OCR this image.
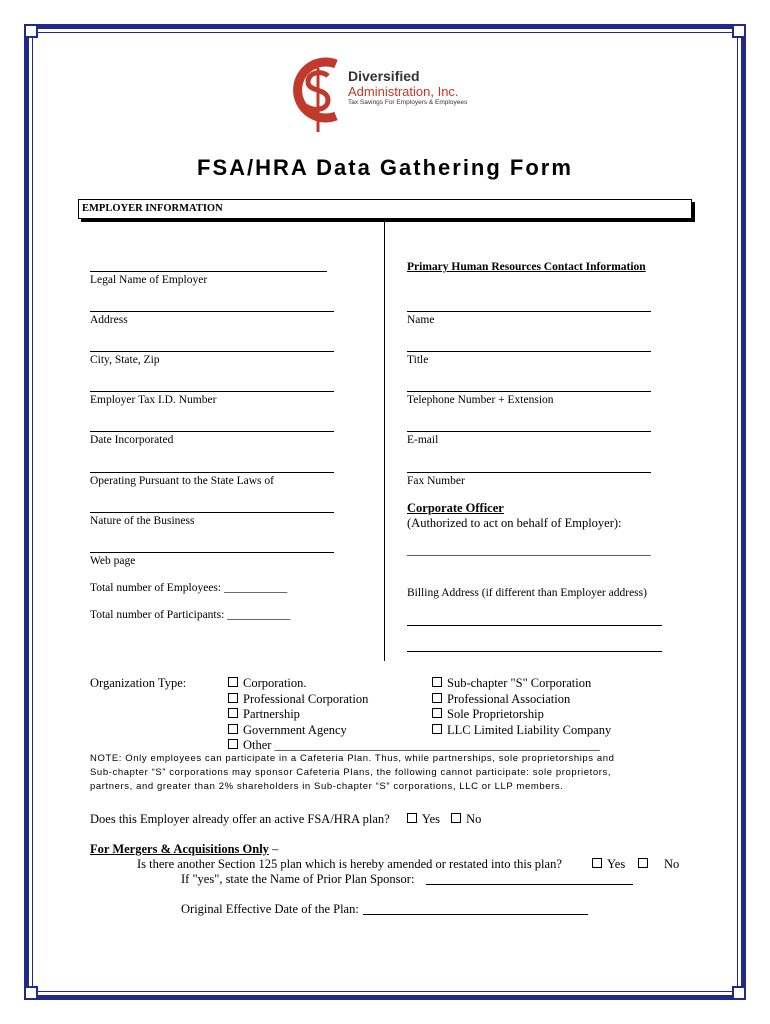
Diversified
Administration, Inc.
Tax Savings For Employers & Employees
FSA/HRA Data Gathering Form
EMPLOYER INFORMATION
Legal Name of Employer
Address
City, State, Zip
Employer Tax I.D. Number
Date Incorporated
Operating Pursuant to the State Laws of
Nature of the Business
Web page
Total number of Employees: ___________
Total number of Participants: ___________
Primary Human Resources Contact Information
Name
Title
Telephone Number + Extension
E-mail
Fax Number
Corporate Officer
(Authorized to act on behalf of Employer):
_______________________________________
Billing Address (if different than Employer address)
Organization Type:	Corporation.
Professional Corporation
Partnership
Government Agency
Other ____________________________________________________
Sub-chapter "S" Corporation
Professional Association
Sole Proprietorship
LLC Limited Liability Company
NOTE: Only employees can participate in a Cafeteria Plan. Thus, while partnerships, sole proprietorships and
Sub-chapter “S” corporations may sponsor Cafeteria Plans, the following cannot participate: sole proprietors,
partners, and greater than 2% shareholders in Sub-chapter “S” corporations, LLC or LLP members.
Does this Employer already offer an active FSA/HRA plan?	Yes No
For Mergers & Acquisitions Only –
Is there another Section 125 plan which is hereby amended or restated into this plan?	Yes	No
If "yes", state the Name of Prior Plan Sponsor:
Original Effective Date of the Plan:
